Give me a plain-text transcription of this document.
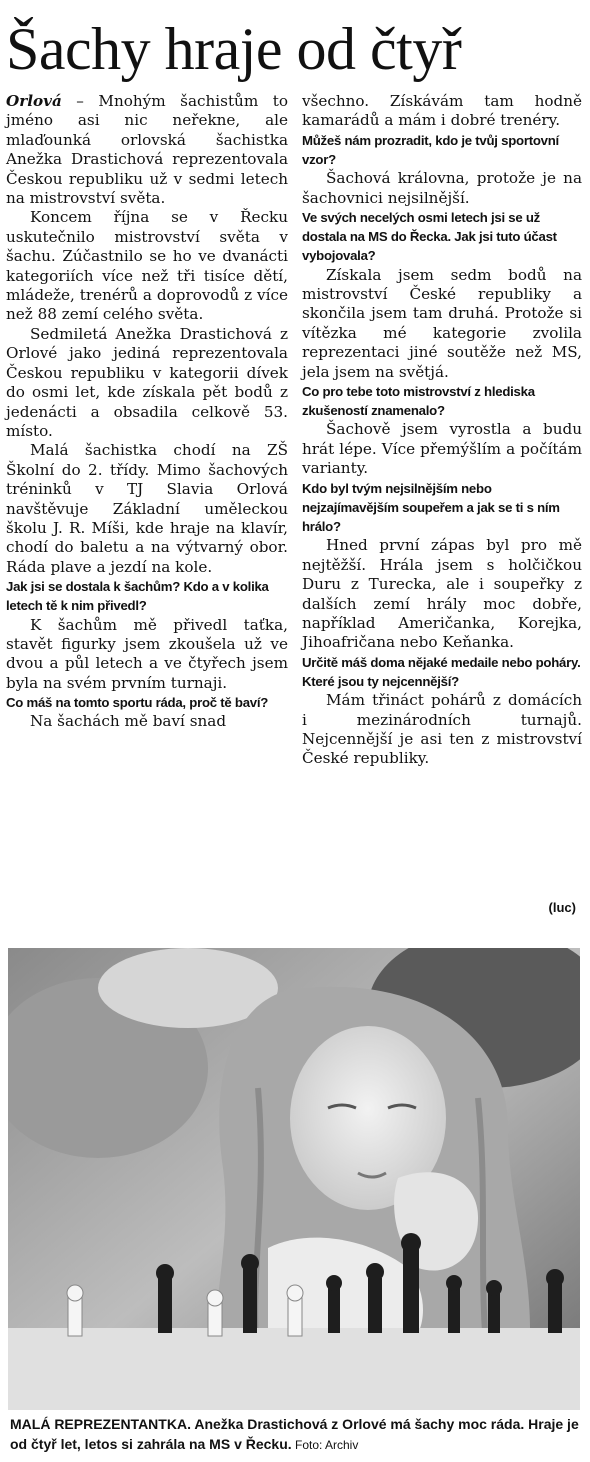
Šachy hraje od čtyř

Orlová – Mnohým šachistům to jméno asi nic neřekne, ale mlaďounká orlovská šachistka Anežka Drastichová reprezentovala Českou republiku už v sedmi letech na mistrovství světa.

Koncem října se v Řecku uskutečnilo mistrovství světa v šachu. Zúčastnilo se ho ve dvanácti kategoriích více než tři tisíce dětí, mládeže, trenérů a doprovodů z více než 88 zemí celého světa.

Sedmiletá Anežka Drastichová z Orlové jako jediná reprezentovala Českou republiku v kategorii dívek do osmi let, kde získala pět bodů z jedenácti a obsadila celkově 53. místo.

Malá šachistka chodí na ZŠ Školní do 2. třídy. Mimo šachových tréninků v TJ Slavia Orlová navštěvuje Základní uměleckou školu J. R. Míši, kde hraje na klavír, chodí do baletu a na výtvarný obor. Ráda plave a jezdí na kole.

Jak jsi se dostala k šachům? Kdo a v kolika letech tě k nim přivedl?

K šachům mě přivedl taťka, stavět figurky jsem zkoušela už ve dvou a půl letech a ve čtyřech jsem byla na svém prvním turnaji.

Co máš na tomto sportu ráda, proč tě baví?

Na šachách mě baví snad

všechno. Získávám tam hodně kamarádů a mám i dobré trenéry.

Můžeš nám prozradit, kdo je tvůj sportovní vzor?

Šachová královna, protože je na šachovnici nejsilnější.

Ve svých necelých osmi letech jsi se už dostala na MS do Řecka. Jak jsi tuto účast vybojovala?

Získala jsem sedm bodů na mistrovství České republiky a skončila jsem tam druhá. Protože si vítězka mé kategorie zvolila reprezentaci jiné soutěže než MS, jela jsem na světjá.

Co pro tebe toto mistrovství z hlediska zkušeností znamenalo?

Šachově jsem vyrostla a budu hrát lépe. Více přemýšlím a počítám varianty.

Kdo byl tvým nejsilnějším nebo nejzajímavějším soupeřem a jak se ti s ním hrálo?

Hned první zápas byl pro mě nejtěžší. Hrála jsem s holčičkou Duru z Turecka, ale i soupeřky z dalších zemí hrály moc dobře, například Američanka, Korejka, Jihoafričana nebo Keňanka.

Určitě máš doma nějaké medaile nebo poháry. Které jsou ty nejcennější?

Mám třináct pohárů z domácích i mezinárodních turnajů. Nejcennější je asi ten z mistrovství České republiky.

(luc)
MALÁ REPREZENTANTKA. Anežka Drastichová z Orlové má šachy moc ráda. Hraje je od čtyř let, letos si zahrála na MS v Řecku. Foto: Archiv
